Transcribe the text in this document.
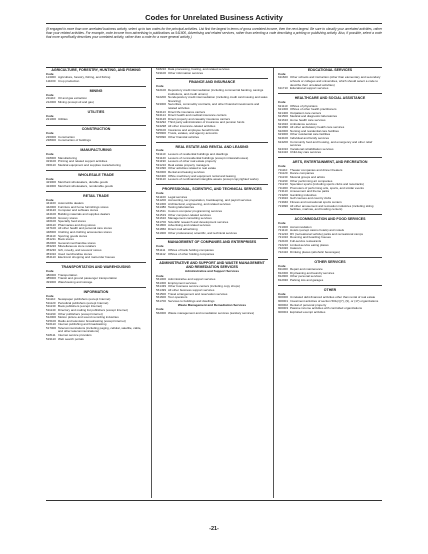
Codes for Unrelated Business Activity
(If engaged in more than one unrelated business activity, select up to two codes for the principal activities. List first the largest in terms of gross unrelated income, then the next largest. Be sure to classify your unrelated activities, rather than your related activities. For example, code income from advertising in publications as 541800, Advertising and related services, rather than selecting a code describing a printing or publishing activity. Also, if possible, select a code that more specifically describes your unrelated activity, rather than a code for a more general activity.)
AGRICULTURE, FORESTRY, HUNTING, AND FISHING
Code
113000 Agriculture, forestry, fishing, and fishing
111000 Crop production
MINING
Code
211110 Oil and gas extraction
212000 Mining (except oil and gas)
UTILITIES
Code
221000 Utilities
CONSTRUCTION
Code
236000 Construction
238000 Construction of buildings
MANUFACTURING
Code
318000 Manufacturing
323100 Printing and related support activities
336110 Medical equipment and supplies manufacturing
WHOLESALE TRADE
Code
423000 Merchant wholesalers, durable goods
424000 Merchant wholesalers, nondurable goods
RETAIL TRADE
Code
441100 Automobile dealers
442000 Furniture and home furnishings stores
443120 Computer and software stores
444100 Building materials and supplies dealers
445100 Grocery stores
446100 Specialty food stores
446110 Pharmacies and drug stores
447100 All other health and personal care stores
448000 Clothing and clothing accessories stores
451110 Sporting goods stores
451211 Book stores
452000 General merchandise stores
453220 Miscellaneous store retailers
453230 Gift, novelty, and souvenir stores
453310 Used merchandise stores
454110 Electronic shopping and mail-order houses
TRANSPORTATION AND WAREHOUSING
Code
480000 Transportation
485000 Transit and ground passenger transportation
493000 Warehousing and storage
INFORMATION
Code
511110 Newspaper publishers (except Internet)
511120 Periodical publishers (except Internet)
511130 Book publishers (except Internet)
511140 Directory and mailing list publishers (except Internet)
511190 Other publishers (except Internet)
512000 Motion picture and sound recording industries
515100 Radio and television broadcasting (except Internet)
516110 Internet publishing and broadcasting
517000 Telecommunications (including paging, cellular, satellite, cable, and other telecommunications)
518111 Internet service providers
519110 Web search portals
518210 Data processing, hosting, and related services
519100 Other information services
FINANCE AND INSURANCE
Code
522100 Depository credit intermediation (including commercial banking, savings institutions, and credit unions)
522200 Nondepository credit intermediation (including credit card issuing and sales financing)
523000 Securities, commodity contracts, and other financial investments and related activities
524113 Direct life insurance carriers
524114 Direct health and medical insurance carriers
524126 Direct property and casualty insurance carriers
524292 Third party administration of insurance and pension funds
524298 All other insurance-related activities
525100 Insurance and employee benefit funds
525900 Trusts, estates, and agency accounts
525990 Other financial vehicles
REAL ESTATE AND RENTAL AND LEASING
Code
531110 Lessors of residential buildings and dwellings
531120 Lessors of nonresidential buildings (except miniwarehouses)
531190 Lessors of other real estate property
531210 Real estate property managers
531390 Other activities related to real estate
532000 Rental and leasing services
532400 Office machinery and equipment rental and leasing
533110 Lessors of nonfinancial intangible assets (except copyrighted works)
PROFESSIONAL, SCIENTIFIC, AND TECHNICAL SERVICES
Code
541100 Legal services
541200 Accounting, tax preparation, bookkeeping, and payroll services
541300 Architectural, engineering, and related services
541380 Testing laboratories
541511 Custom computer programming services
541519 Other computer-related services
541610 Management consulting services
541700 Scientific research and development services
541800 Advertising and related services
541860 Direct mail advertising
541900 Other professional, scientific, and technical services
MANAGEMENT OF COMPANIES AND ENTERPRISES
Code
551111 Offices of bank holding companies
551112 Offices of other holding companies
ADMINISTRATIVE AND SUPPORT AND WASTE MANAGEMENT AND REMEDIATION SERVICES
Administrative and Support Services
Code
561000 Administrative and support services
561300 Employment services
561439 Other business service centers (including copy shops)
561499 All other business support services
561500 Travel arrangement and reservation services
561600 Tour operators
561700 Services to buildings and dwellings
Waste Management and Remediation Services
Code
562000 Waste management and remediation services (sanitary services)
EDUCATIONAL SERVICES
Code
611600 Other schools and instruction (other than elementary and secondary schools or colleges and universities, which should select a code to describe their unrelated activities)
611710 Educational support services
HEALTHCARE AND SOCIAL ASSISTANCE
Code
621110 Offices of physicians
621300 Offices of other health practitioners
621400 Outpatient care centers
621500 Medical and diagnostic laboratories
621610 Home health care services
621910 Ambulance services
621990 All other ambulatory health care services
622000 Nursing and residential care facilities
623000 Other residential care facilities
624100 Individual and family services
624200 Community food and housing, and emergency and other relief services
624310 Vocational rehabilitation services
624410 Child day care services
ARTS, ENTERTAINMENT, AND RECREATION
Code
711110 Theater companies and dinner theaters
711120 Dance companies
711130 Musical groups and artists
711190 Other performing art companies
711210 Spectator sports (including sports clubs and racetracks)
711300 Promoters of performing arts, sports, and similar events
713110 Amusement and theme parks
713200 Gambling industries
713910 Golf courses and country clubs
713940 Fitness and recreational sports centers
713990 All other amusement and recreation industries (including skiing facilities, marinas, and bowling centers)
ACCOMMODATION AND FOOD SERVICES
Code
721000 Accommodation
721110 Hotels (except casino hotels) and motels
721210 RV (recreational vehicle) parks and recreational camps
721310 Rooming and boarding houses
722100 Full-service restaurants
722210 Limited-service eating places
722320 Caterers
722410 Drinking places (alcoholic beverages)
OTHER SERVICES
Code
811000 Repair and maintenance
812300 Drycleaning and laundry services
812900 Other personal services
812930 Parking lots and garages
OTHER
Code
900000 Unrelated debt-financed activities other than rental of real estate
900001 Investment activities of section 501(c)(7), (9), or (17) organizations
900002 Rental of personal property
900003 Passive income activities with controlled organizations
900004 Exploited exempt activities
-21-
